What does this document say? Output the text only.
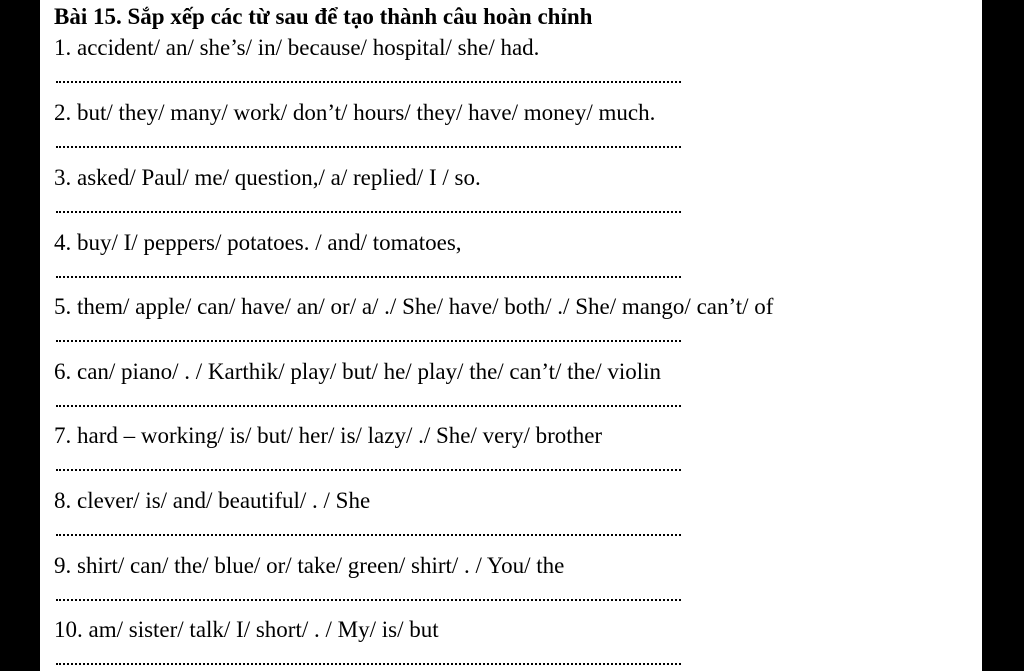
Bài 15. Sắp xếp các từ sau để tạo thành câu hoàn chỉnh
1. accident/ an/ she’s/ in/ because/ hospital/ she/ had.
2. but/ they/ many/ work/ don’t/ hours/ they/ have/ money/ much.
3. asked/ Paul/ me/ question,/ a/ replied/ I / so.
4. buy/ I/ peppers/ potatoes. / and/ tomatoes,
5. them/ apple/ can/ have/ an/ or/ a/ ./ She/ have/ both/ ./ She/ mango/ can’t/ of
6. can/ piano/ . / Karthik/ play/ but/ he/ play/ the/ can’t/ the/ violin
7. hard – working/ is/ but/ her/ is/ lazy/ ./ She/ very/ brother
8. clever/ is/ and/ beautiful/ . / She
9. shirt/ can/ the/ blue/ or/ take/ green/ shirt/ . / You/ the
10. am/ sister/ talk/ I/ short/ . / My/ is/ but
